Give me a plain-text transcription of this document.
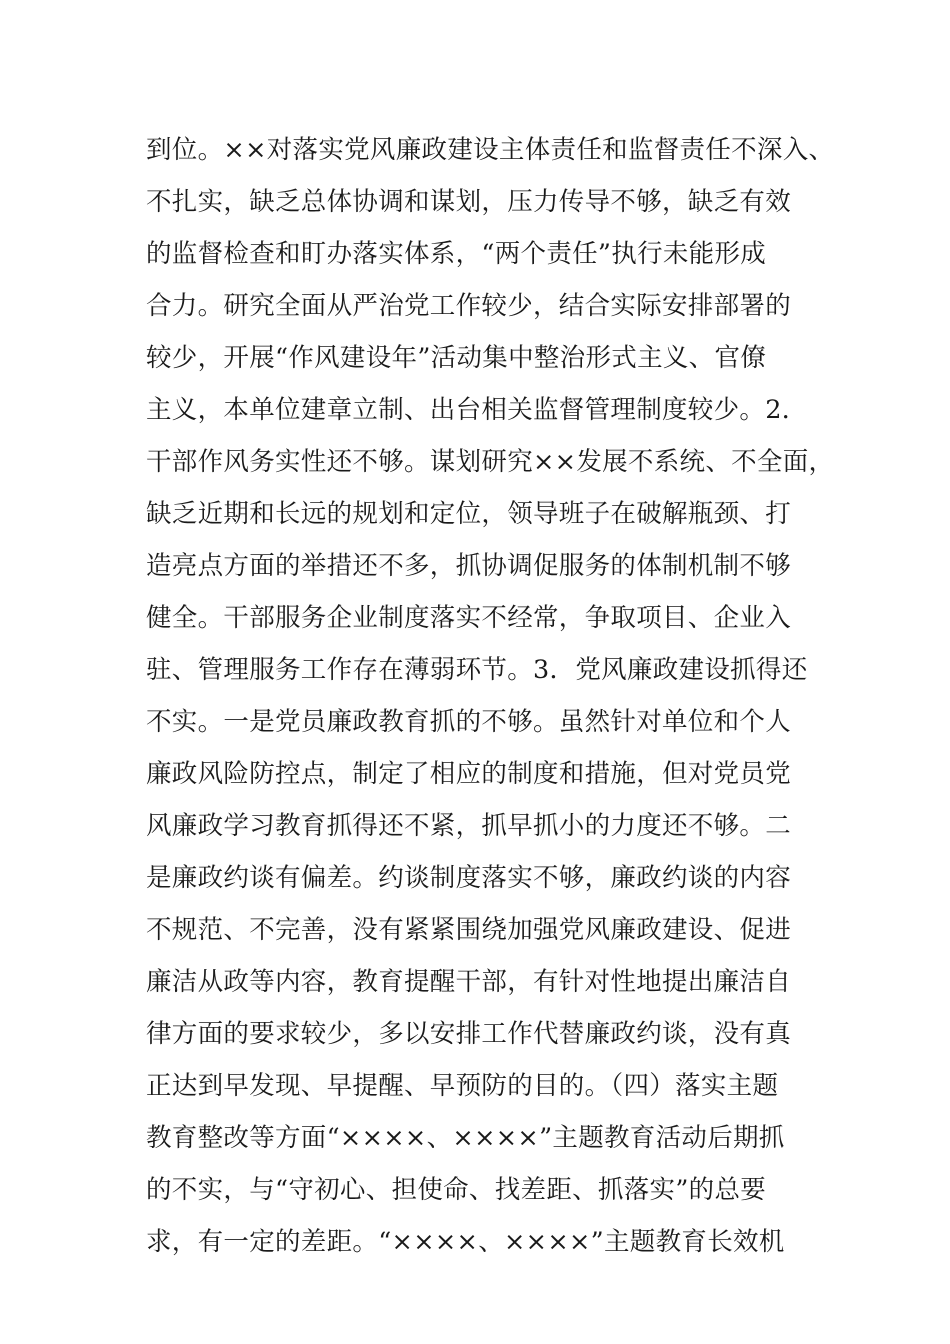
到位。××对落实党风廉政建设主体责任和监督责任不深入、
不扎实，缺乏总体协调和谋划，压力传导不够，缺乏有效
的监督检查和盯办落实体系，“两个责任”执行未能形成
合力。研究全面从严治党工作较少，结合实际安排部署的
较少，开展“作风建设年”活动集中整治形式主义、官僚
主义，本单位建章立制、出台相关监督管理制度较少。2．
干部作风务实性还不够。谋划研究××发展不系统、不全面，
缺乏近期和长远的规划和定位，领导班子在破解瓶颈、打
造亮点方面的举措还不多，抓协调促服务的体制机制不够
健全。干部服务企业制度落实不经常，争取项目、企业入
驻、管理服务工作存在薄弱环节。3．党风廉政建设抓得还
不实。一是党员廉政教育抓的不够。虽然针对单位和个人
廉政风险防控点，制定了相应的制度和措施，但对党员党
风廉政学习教育抓得还不紧，抓早抓小的力度还不够。二
是廉政约谈有偏差。约谈制度落实不够，廉政约谈的内容
不规范、不完善，没有紧紧围绕加强党风廉政建设、促进
廉洁从政等内容，教育提醒干部，有针对性地提出廉洁自
律方面的要求较少，多以安排工作代替廉政约谈，没有真
正达到早发现、早提醒、早预防的目的。（四）落实主题
教育整改等方面“××××、××××”主题教育活动后期抓
的不实，与“守初心、担使命、找差距、抓落实”的总要
求，有一定的差距。“××××、××××”主题教育长效机
